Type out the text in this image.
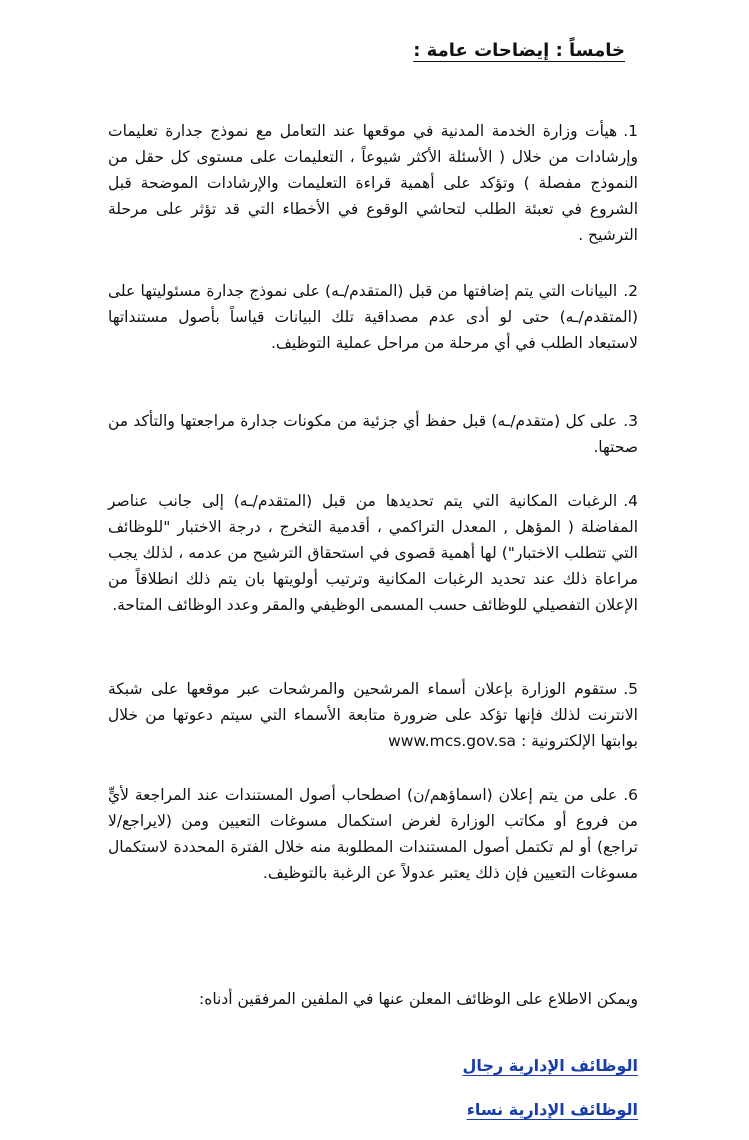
خامساً : إيضاحات عامة :
1.هيأت وزارة الخدمة المدنية في موقعها عند التعامل مع نموذج جدارة تعليمات وإرشادات من خلال ( الأسئلة الأكثر شيوعاً ، التعليمات على مستوى كل حقل من النموذج مفصلة ) وتؤكد على أهمية قراءة التعليمات والإرشادات الموضحة قبل الشروع في تعبئة الطلب لتحاشي الوقوع في الأخطاء التي قد تؤثر على مرحلة الترشيح .
2.البيانات التي يتم إضافتها من قبل (المتقدم/ـه) على نموذج جدارة مسئوليتها على (المتقدم/ـه) حتى لو أدى عدم مصداقية تلك البيانات قياساً بأصول مستنداتها لاستبعاد الطلب في أي مرحلة من مراحل عملية التوظيف.
3.على كل (متقدم/ـه) قبل حفظ أي جزئية من مكونات جدارة مراجعتها والتأكد من صحتها.
4.الرغبات المكانية التي يتم تحديدها من قبل (المتقدم/ـه) إلى جانب عناصر المفاضلة ( المؤهل , المعدل التراكمي ، أقدمية التخرج ، درجة الاختبار "للوظائف التي تتطلب الاختبار") لها أهمية قصوى في استحقاق الترشيح من عدمه ، لذلك يجب مراعاة ذلك عند تحديد الرغبات المكانية وترتيب أولويتها بان يتم ذلك انطلاقاً من الإعلان التفصيلي للوظائف حسب المسمى الوظيفي والمقر وعدد الوظائف المتاحة.
5.ستقوم الوزارة بإعلان أسماء المرشحين والمرشحات عبر موقعها على شبكة الانترنت لذلك فإنها تؤكد على ضرورة متابعة الأسماء التي سيتم دعوتها من خلال بوابتها الإلكترونية : www.mcs.gov.sa
6.على من يتم إعلان (اسماؤهم/ن) اصطحاب أصول المستندات عند المراجعة لأيٍّ من فروع أو مكاتب الوزارة لغرض استكمال مسوغات التعيين ومن (لايراجع/لا تراجع) أو لم تكتمل أصول المستندات المطلوبة منه خلال الفترة المحددة لاستكمال مسوغات التعيين فإن ذلك يعتبر عدولاً عن الرغبة بالتوظيف.
ويمكن الاطلاع على الوظائف المعلن عنها في الملفين المرفقين أدناه:
الوظائف الإدارية رجال
الوظائف الإدارية نساء
